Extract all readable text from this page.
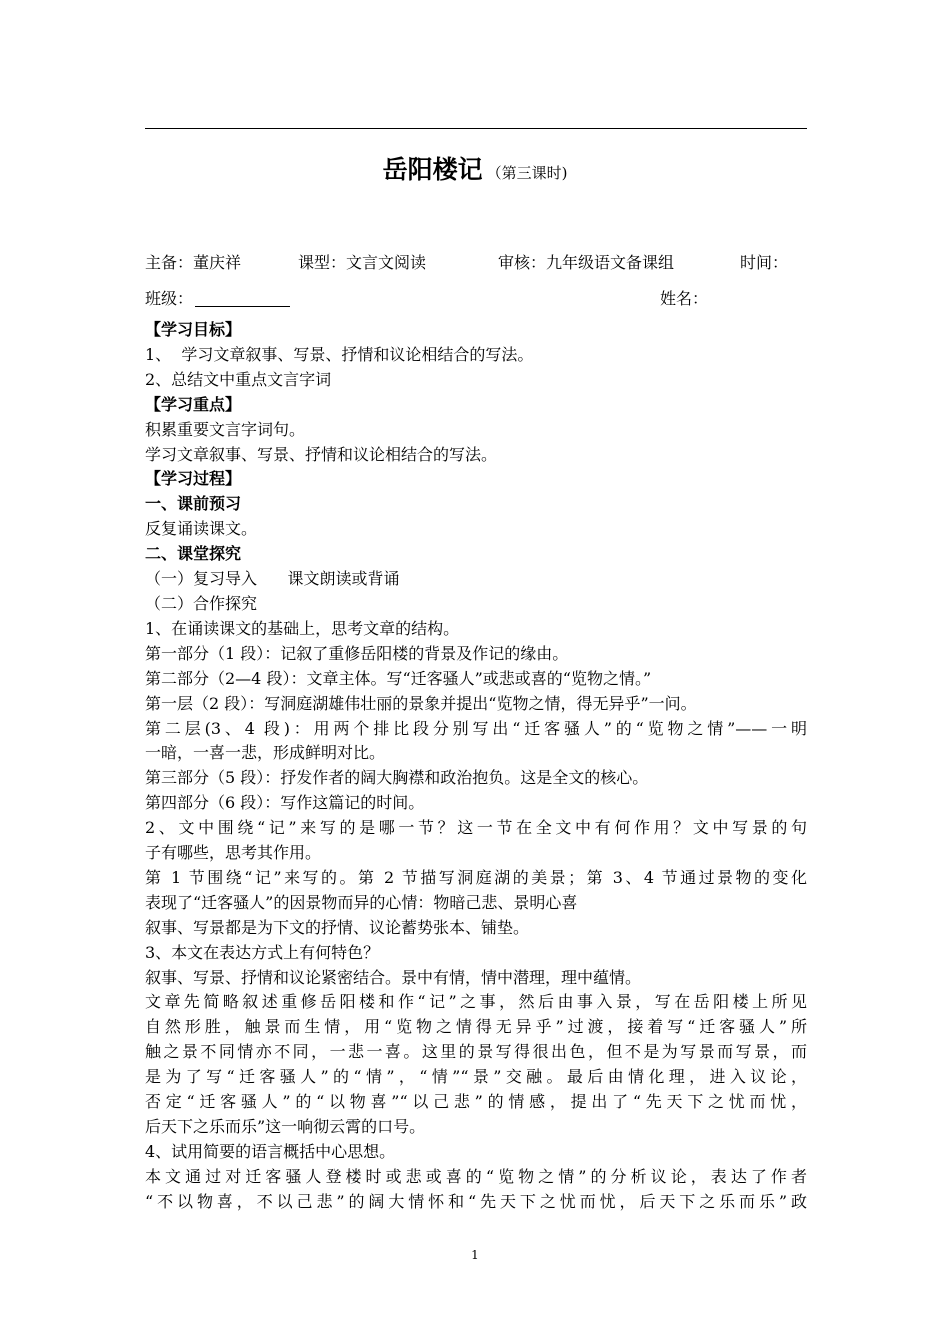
岳阳楼记 （第三课时)
主备：董庆祥	课型：文言文阅读	审核：九年级语文备课组	时间：
班级：	姓名：

【学习目标】

1、  学习文章叙事、写景、抒情和议论相结合的写法。

2、总结文中重点文言字词

【学习重点】

积累重要文言字词句。

学习文章叙事、写景、抒情和议论相结合的写法。

【学习过程】

一、课前预习

反复诵读课文。

二、课堂探究

（一）复习导入      课文朗读或背诵

（二）合作探究

1、在诵读课文的基础上，思考文章的结构。

第一部分（1 段）：记叙了重修岳阳楼的背景及作记的缘由。

第二部分（2—4 段）：文章主体。写“迁客骚人”或悲或喜的“览物之情。”

第一层（2 段）：写洞庭湖雄伟壮丽的景象并提出“览物之情，得无异乎”一问。

第二层(3、4 段)：用两个排比段分别写出“迁客骚人”的“览物之情”——一明

一暗，一喜一悲，形成鲜明对比。

第三部分（5 段）：抒发作者的阔大胸襟和政治抱负。这是全文的核心。

第四部分（6 段）：写作这篇记的时间。

2、文中围绕“记”来写的是哪一节？这一节在全文中有何作用？文中写景的句

子有哪些，思考其作用。

第 1 节围绕“记”来写的。第 2 节描写洞庭湖的美景；第 3、4 节通过景物的变化

表现了“迁客骚人”的因景物而异的心情：物暗己悲、景明心喜

叙事、写景都是为下文的抒情、议论蓄势张本、铺垫。

3、本文在表达方式上有何特色？

叙事、写景、抒情和议论紧密结合。景中有情，情中潜理，理中蕴情。

文章先简略叙述重修岳阳楼和作“记”之事，然后由事入景，写在岳阳楼上所见

自然形胜，触景而生情，用“览物之情得无异乎”过渡，接着写“迁客骚人”所

触之景不同情亦不同，一悲一喜。这里的景写得很出色，但不是为写景而写景，而

是为了写“迁客骚人”的“情”，“情”“景”交融。最后由情化理，进入议论，

否定“迁客骚人”的“以物喜”“以己悲”的情感，提出了“先天下之忧而忧，

后天下之乐而乐”这一响彻云霄的口号。

4、试用简要的语言概括中心思想。

本文通过对迁客骚人登楼时或悲或喜的“览物之情”的分析议论，表达了作者

“不以物喜，不以己悲”的阔大情怀和“先天下之忧而忧，后天下之乐而乐”政

1
